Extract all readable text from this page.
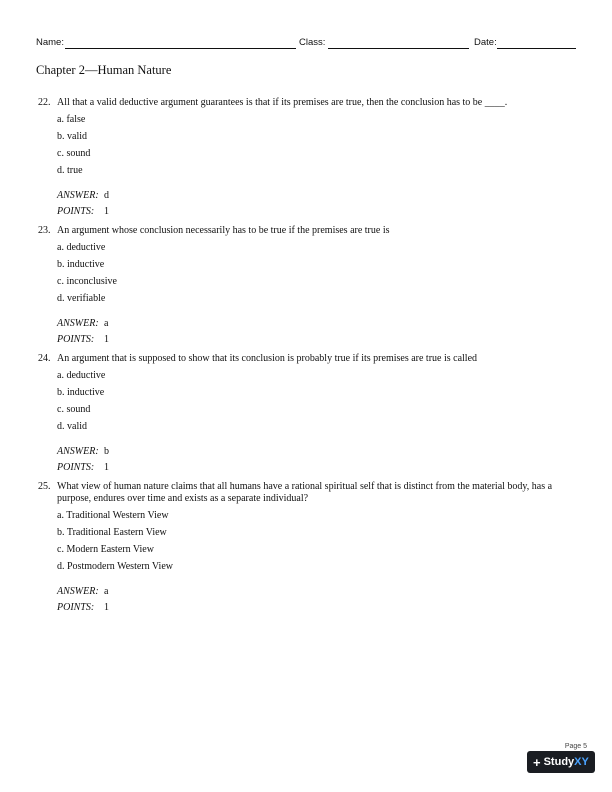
Name:	Class:	Date:
Chapter 2—Human Nature
22. All that a valid deductive argument guarantees is that if its premises are true, then the conclusion has to be ____.
a. false
b. valid
c. sound
d. true
ANSWER: d
POINTS: 1
23. An argument whose conclusion necessarily has to be true if the premises are true is
a. deductive
b. inductive
c. inconclusive
d. verifiable
ANSWER: a
POINTS: 1
24. An argument that is supposed to show that its conclusion is probably true if its premises are true is called
a. deductive
b. inductive
c. sound
d. valid
ANSWER: b
POINTS: 1
25. What view of human nature claims that all humans have a rational spiritual self that is distinct from the material body, has a purpose, endures over time and exists as a separate individual?
a. Traditional Western View
b. Traditional Eastern View
c. Modern Eastern View
d. Postmodern Western View
ANSWER: a
POINTS: 1
Page 5
+ Study XY
